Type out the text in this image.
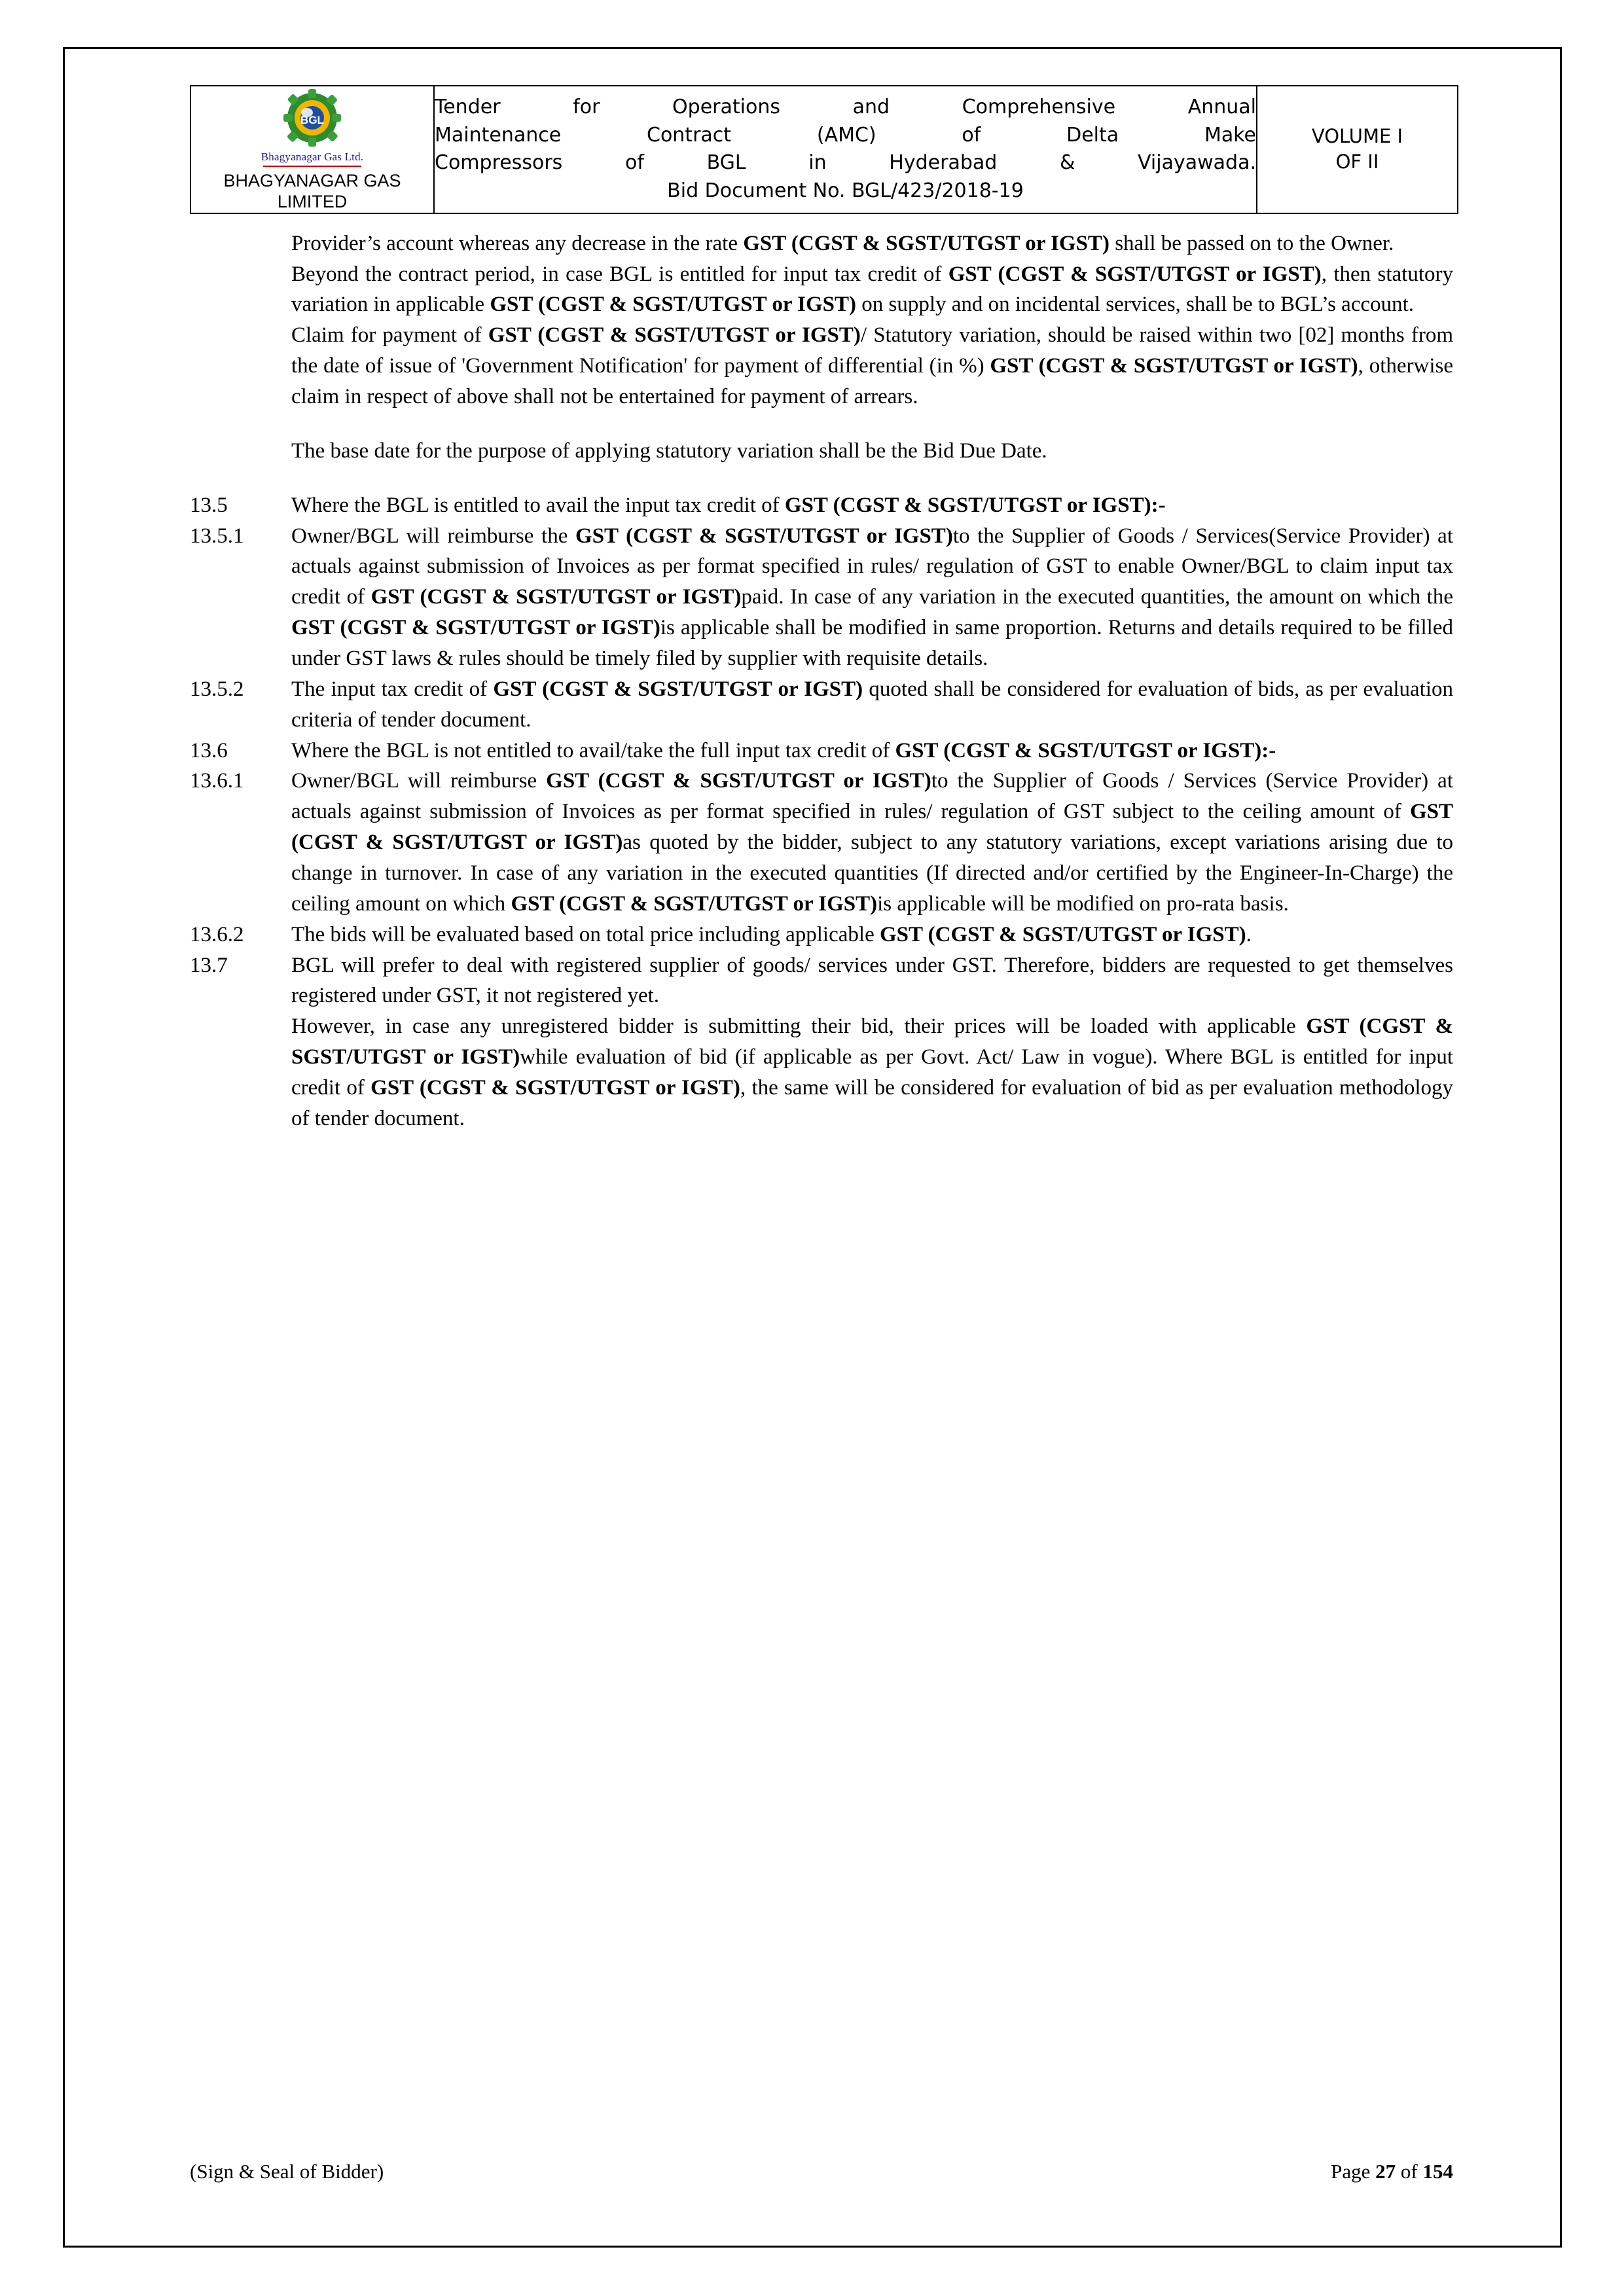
BGL
Bhagyanagar Gas Ltd.
BHAGYANAGAR GAS
LIMITED

Tender for Operations and Comprehensive Annual
Maintenance Contract (AMC) of Delta Make
Compressors of BGL in Hyderabad & Vijayawada.
Bid Document No. BGL/423/2018-19

VOLUME I
OF II

Provider’s account whereas any decrease in the rate GST (CGST & SGST/UTGST or IGST) shall be passed on to the Owner.

Beyond the contract period, in case BGL is entitled for input tax credit of GST (CGST & SGST/UTGST or IGST), then statutory variation in applicable GST (CGST & SGST/UTGST or IGST) on supply and on incidental services, shall be to BGL’s account.

Claim for payment of GST (CGST & SGST/UTGST or IGST)/ Statutory variation, should be raised within two [02] months from the date of issue of 'Government Notification' for payment of differential (in %) GST (CGST & SGST/UTGST or IGST), otherwise claim in respect of above shall not be entertained for payment of arrears.

The base date for the purpose of applying statutory variation shall be the Bid Due Date.

13.5	Where the BGL is entitled to avail the input tax credit of GST (CGST & SGST/UTGST or IGST):-
13.5.1	Owner/BGL will reimburse the GST (CGST & SGST/UTGST or IGST)to the Supplier of Goods / Services(Service Provider) at actuals against submission of Invoices as per format specified in rules/ regulation of GST to enable Owner/BGL to claim input tax credit of GST (CGST & SGST/UTGST or IGST)paid. In case of any variation in the executed quantities, the amount on which the GST (CGST & SGST/UTGST or IGST)is applicable shall be modified in same proportion. Returns and details required to be filled under GST laws & rules should be timely filed by supplier with requisite details.
13.5.2	The input tax credit of GST (CGST & SGST/UTGST or IGST) quoted shall be considered for evaluation of bids, as per evaluation criteria of tender document.
13.6	Where the BGL is not entitled to avail/take the full input tax credit of GST (CGST & SGST/UTGST or IGST):-
13.6.1	Owner/BGL will reimburse GST (CGST & SGST/UTGST or IGST)to the Supplier of Goods / Services (Service Provider) at actuals against submission of Invoices as per format specified in rules/ regulation of GST subject to the ceiling amount of GST (CGST & SGST/UTGST or IGST)as quoted by the bidder, subject to any statutory variations, except variations arising due to change in turnover. In case of any variation in the executed quantities (If directed and/or certified by the Engineer-In-Charge) the ceiling amount on which GST (CGST & SGST/UTGST or IGST)is applicable will be modified on pro-rata basis.
13.6.2	The bids will be evaluated based on total price including applicable GST (CGST & SGST/UTGST or IGST).
13.7	BGL will prefer to deal with registered supplier of goods/ services under GST. Therefore, bidders are requested to get themselves registered under GST, it not registered yet.

However, in case any unregistered bidder is submitting their bid, their prices will be loaded with applicable GST (CGST & SGST/UTGST or IGST)while evaluation of bid (if applicable as per Govt. Act/ Law in vogue). Where BGL is entitled for input credit of GST (CGST & SGST/UTGST or IGST), the same will be considered for evaluation of bid as per evaluation methodology of tender document.

(Sign & Seal of Bidder)	Page 27 of 154
